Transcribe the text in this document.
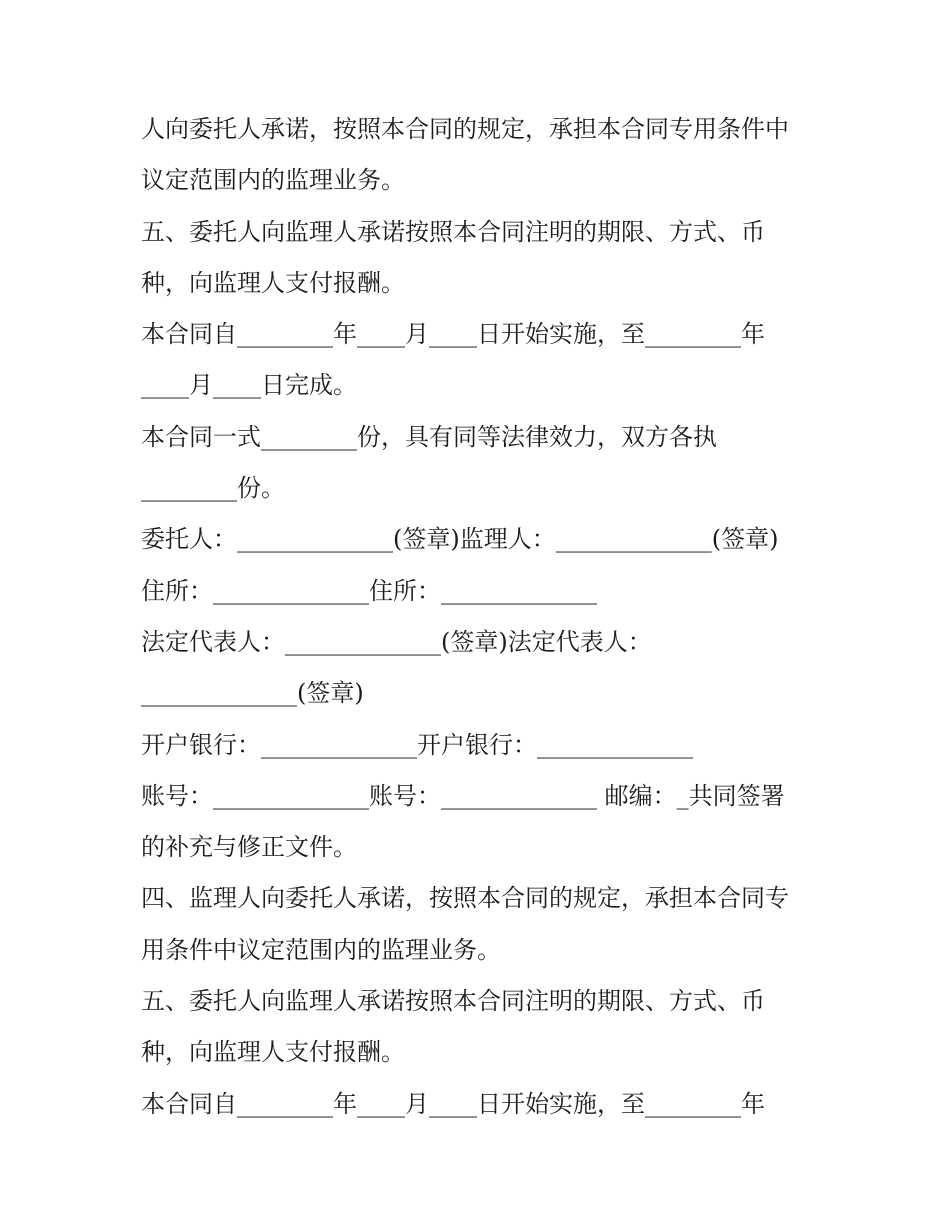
人向委托人承诺，按照本合同的规定，承担本合同专用条件中
议定范围内的监理业务。
五、委托人向监理人承诺按照本合同注明的期限、方式、币
种，向监理人支付报酬。
本合同自________年____月____日开始实施，至________年
____月____日完成。
本合同一式________份，具有同等法律效力，双方各执
________份。
委托人：_____________(签章)监理人：_____________(签章)
住所：_____________住所：_____________
法定代表人：_____________(签章)法定代表人：
_____________(签章)
开户银行：_____________开户银行：_____________
账号：_____________账号：_____________ 邮编：_共同签署
的补充与修正文件。
四、监理人向委托人承诺，按照本合同的规定，承担本合同专
用条件中议定范围内的监理业务。
五、委托人向监理人承诺按照本合同注明的期限、方式、币
种，向监理人支付报酬。
本合同自________年____月____日开始实施，至________年
